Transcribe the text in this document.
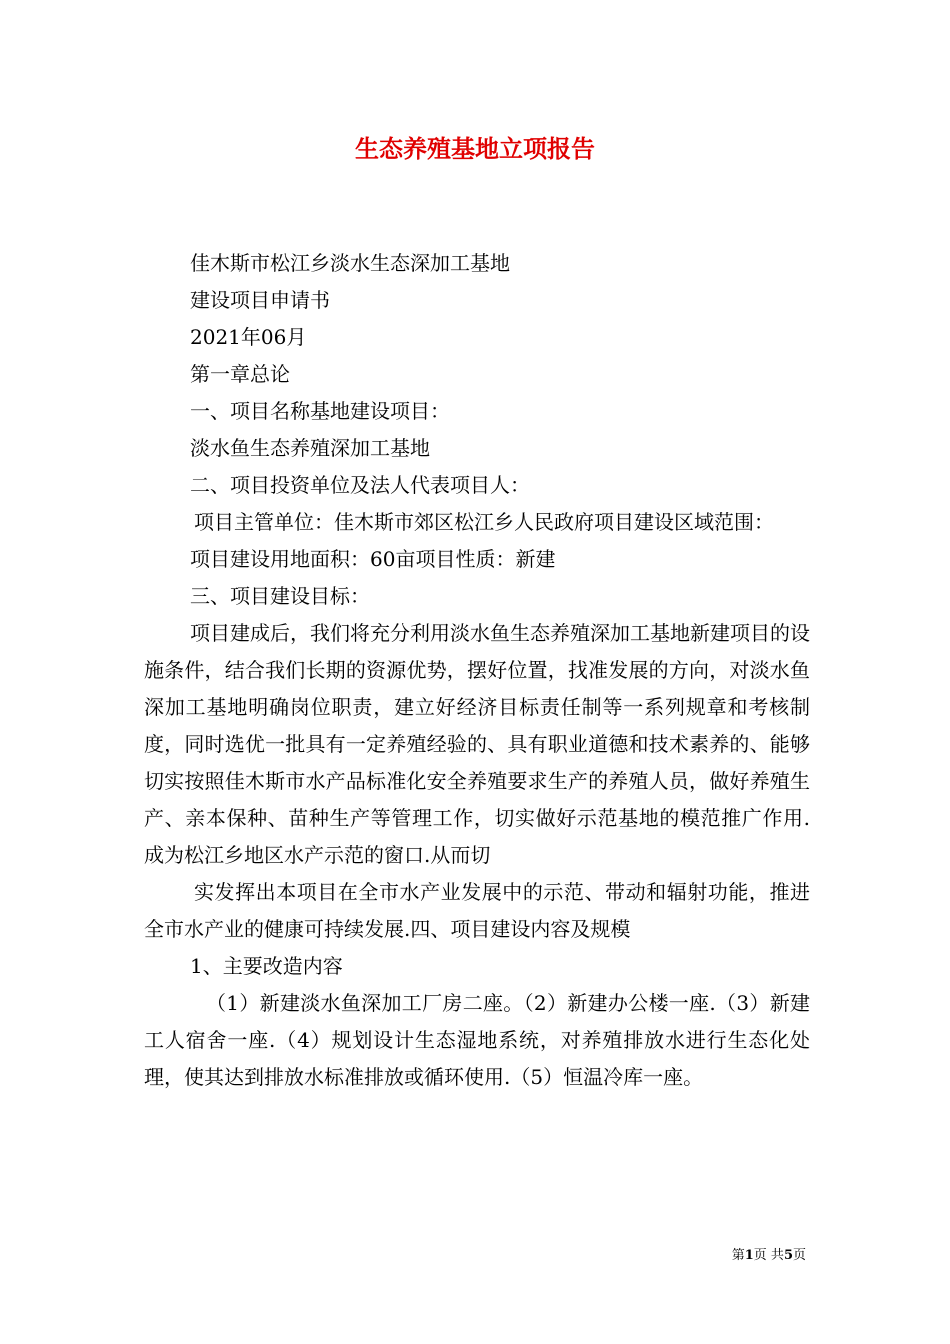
生态养殖基地立项报告

佳木斯市松江乡淡水生态深加工基地

建设项目申请书

2021年06月

第一章总论

一、项目名称基地建设项目：

淡水鱼生态养殖深加工基地

二、项目投资单位及法人代表项目人：

项目主管单位：佳木斯市郊区松江乡人民政府项目建设区域范围：

项目建设用地面积：60亩项目性质：新建

三、项目建设目标：

项目建成后，我们将充分利用淡水鱼生态养殖深加工基地新建项目的设施条件，结合我们长期的资源优势，摆好位置，找准发展的方向，对淡水鱼深加工基地明确岗位职责，建立好经济目标责任制等一系列规章和考核制度，同时选优一批具有一定养殖经验的、具有职业道德和技术素养的、能够切实按照佳木斯市水产品标准化安全养殖要求生产的养殖人员，做好养殖生产、亲本保种、苗种生产等管理工作，切实做好示范基地的模范推广作用.成为松江乡地区水产示范的窗口.从而切

实发挥出本项目在全市水产业发展中的示范、带动和辐射功能，推进全市水产业的健康可持续发展.四、项目建设内容及规模

1、主要改造内容

（1）新建淡水鱼深加工厂房二座。（2）新建办公楼一座.（3）新建工人宿舍一座.（4）规划设计生态湿地系统，对养殖排放水进行生态化处理，使其达到排放水标准排放或循环使用.（5）恒温冷库一座。

第1页 共5页
